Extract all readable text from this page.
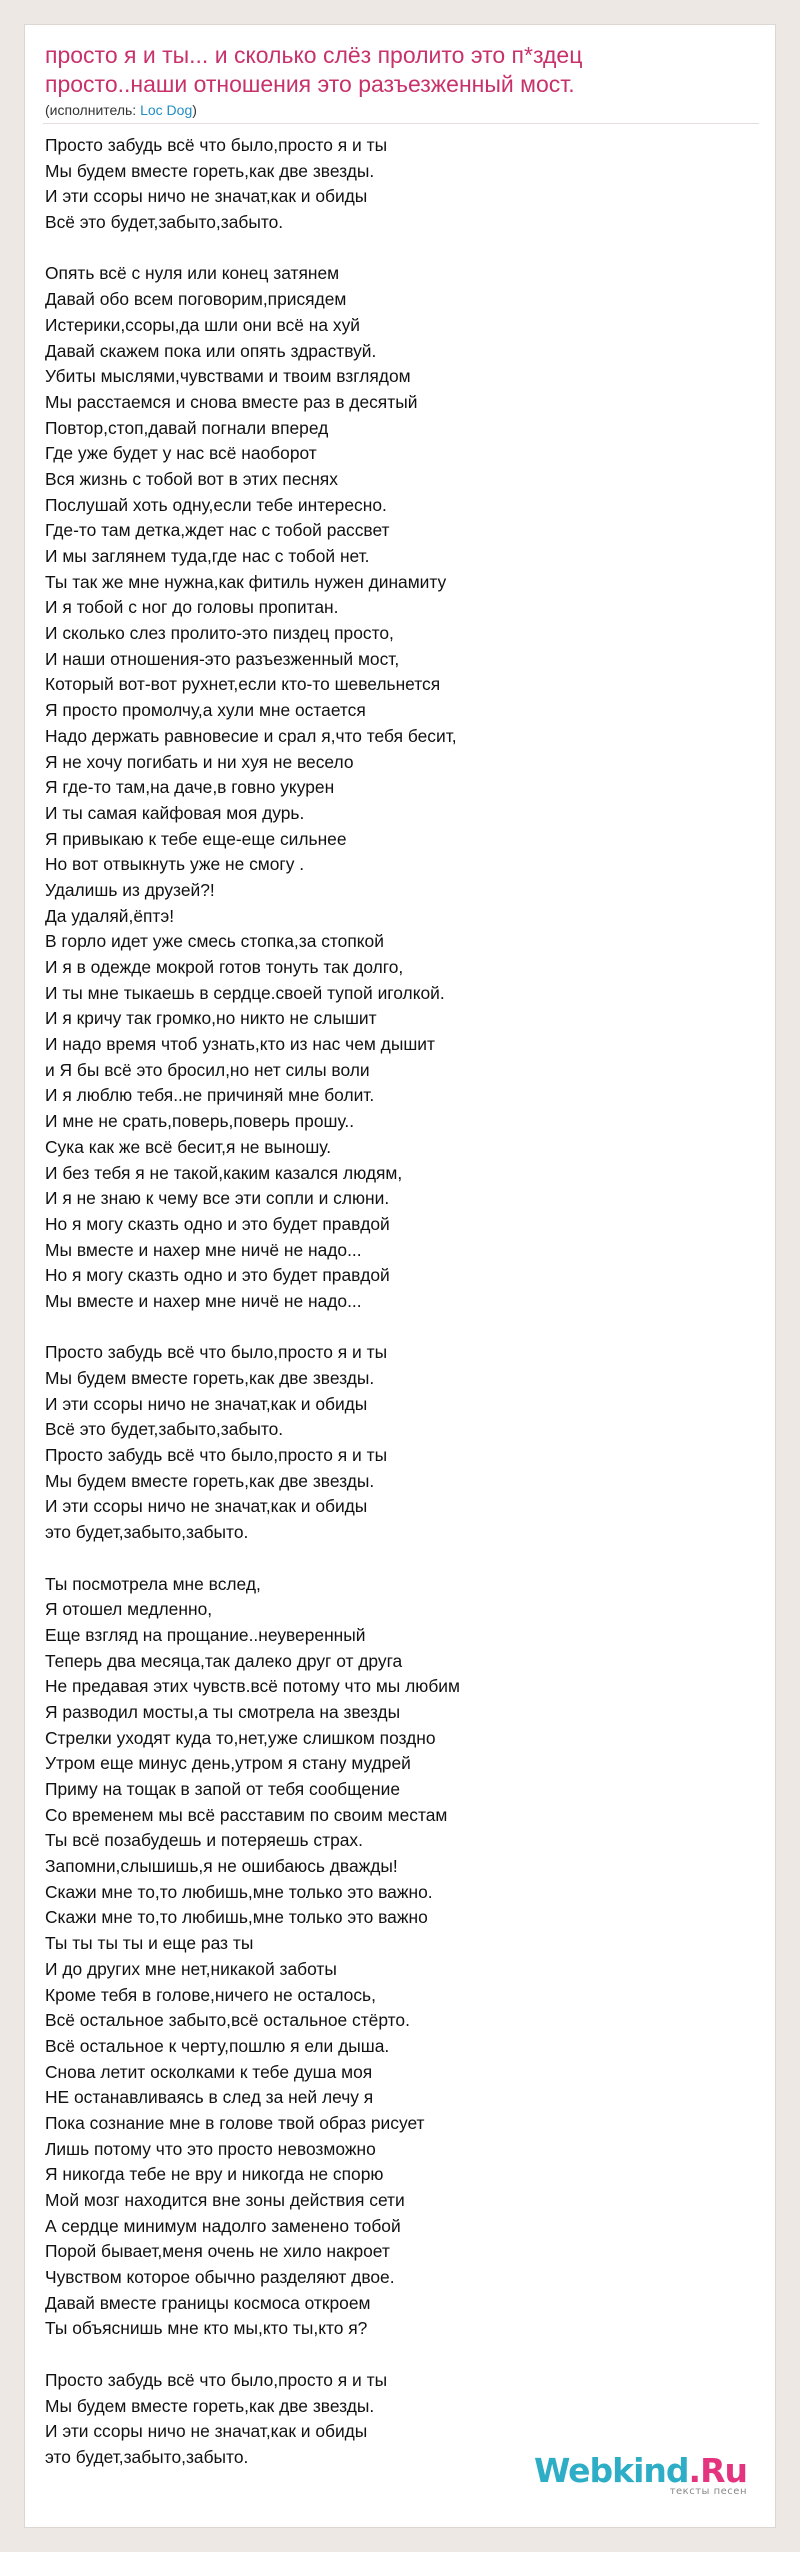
просто я и ты... и сколько слёз пролито это п*здец
просто..наши отношения это разъезженный мост.
(исполнитель: Loc Dog)
Просто забудь всё что было,просто я и ты
Мы будем вместе гореть,как две звезды.
И эти ссоры ничо не значат,как и обиды
Всё это будет,забыто,забыто.
Опять всё с нуля или конец затянем
Давай обо всем поговорим,присядем
Истерики,ссоры,да шли они всё на хуй
Давай скажем пока или опять здраствуй.
Убиты мыслями,чувствами и твоим взглядом
Мы расстаемся и снова вместе раз в десятый
Повтор,стоп,давай погнали вперед
Где уже будет у нас всё наоборот
Вся жизнь с тобой вот в этих песнях
Послушай хоть одну,если тебе интересно.
Где-то там детка,ждет нас с тобой рассвет
И мы заглянем туда,где нас с тобой нет.
Ты так же мне нужна,как фитиль нужен динамиту
И я тобой с ног до головы пропитан.
И сколько слез пролито-это пиздец просто,
И наши отношения-это разъезженный мост,
Который вот-вот рухнет,если кто-то шевельнется
Я просто промолчу,а хули мне остается
Надо держать равновесие и срал я,что тебя бесит,
Я не хочу погибать и ни хуя не весело
Я где-то там,на даче,в говно укурен
И ты самая кайфовая моя дурь.
Я привыкаю к тебе еще-еще сильнее
Но вот отвыкнуть уже не смогу .
Удалишь из друзей?!
Да удаляй,ёптэ!
В горло идет уже смесь стопка,за стопкой
И я в одежде мокрой готов тонуть так долго,
И ты мне тыкаешь в сердце.своей тупой иголкой.
И я кричу так громко,но никто не слышит
И надо время чтоб узнать,кто из нас чем дышит
и Я бы всё это бросил,но нет силы воли
И я люблю тебя..не причиняй мне болит.
И мне не срать,поверь,поверь прошу..
Сука как же всё бесит,я не выношу.
И без тебя я не такой,каким казался людям,
И я не знаю к чему все эти сопли и слюни.
Но я могу сказть одно и это будет правдой
Мы вместе и нахер мне ничё не надо...
Но я могу сказть одно и это будет правдой
Мы вместе и нахер мне ничё не надо...
Просто забудь всё что было,просто я и ты
Мы будем вместе гореть,как две звезды.
И эти ссоры ничо не значат,как и обиды
Всё это будет,забыто,забыто.
Просто забудь всё что было,просто я и ты
Мы будем вместе гореть,как две звезды.
И эти ссоры ничо не значат,как и обиды
это будет,забыто,забыто.
Ты посмотрела мне вслед,
Я отошел медленно,
Еще взгляд на прощание..неуверенный
Теперь два месяца,так далеко друг от друга
Не предавая этих чувств.всё потому что мы любим
Я разводил мосты,а ты смотрела на звезды
Стрелки уходят куда то,нет,уже слишком поздно
Утром еще минус день,утром я стану мудрей
Приму на тощак в запой от тебя сообщение
Со временем мы всё расставим по своим местам
Ты всё позабудешь и потеряешь страх.
Запомни,слышишь,я не ошибаюсь дважды!
Скажи мне то,то любишь,мне только это важно.
Скажи мне то,то любишь,мне только это важно
Ты ты ты ты и еще раз ты
И до других мне нет,никакой заботы
Кроме тебя в голове,ничего не осталось,
Всё остальное забыто,всё остальное стёрто.
Всё остальное к черту,пошлю я ели дыша.
Снова летит осколками к тебе душа моя
НЕ останавливаясь в след за ней лечу я
Пока сознание мне в голове твой образ рисует
Лишь потому что это просто невозможно
Я никогда тебе не вру и никогда не спорю
Мой мозг находится вне зоны действия сети
А сердце минимум надолго заменено тобой
Порой бывает,меня очень не хило накроет
Чувством которое обычно разделяют двое.
Давай вместе границы космоса откроем
Ты объяснишь мне кто мы,кто ты,кто я?
Просто забудь всё что было,просто я и ты
Мы будем вместе гореть,как две звезды.
И эти ссоры ничо не значат,как и обиды
это будет,забыто,забыто.	Webkind.Ru
тексты песен
